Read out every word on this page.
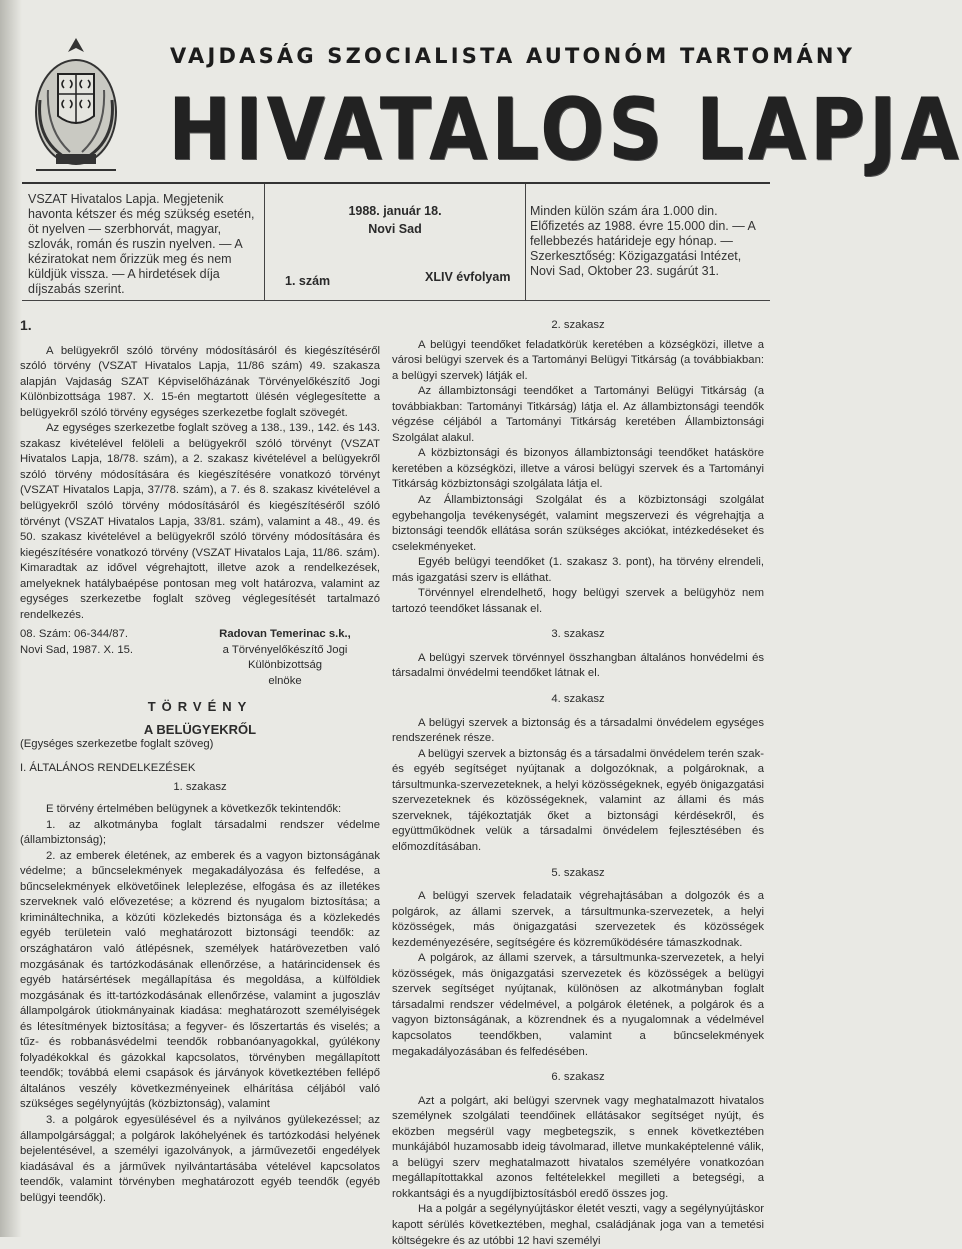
VAJDASÁG SZOCIALISTA AUTONÓM TARTOMÁNY
HIVATALOS LAPJA
VSZAT Hivatalos Lapja. Megjetenik havonta kétszer és még szükség esetén, öt nyelven — szerbhorvát, magyar, szlovák, román és ruszin nyelven. — A kéziratokat nem őrizzük meg és nem küldjük vissza. — A hirdetések díja díjszabás szerint.
1988. január 18.
Novi Sad
1. szám	XLIV évfolyam
Minden külön szám ára 1.000 din. Előfizetés az 1988. évre 15.000 din. — A fellebbezés határideje egy hónap. — Szerkesztőség: Közigazgatási Intézet, Novi Sad, Oktober 23. sugárút 31.

1.

A belügyekről szóló törvény módosításáról és kiegészítéséről szóló törvény (VSZAT Hivatalos Lapja, 11/86 szám) 49. szakasza alapján Vajdaság SZAT Képviselőházának Törvényelőkészítő Jogi Különbizottsága 1987. X. 15-én megtartott ülésén véglegesítette a belügyekről szóló törvény egységes szerkezetbe foglalt szövegét.

Az egységes szerkezetbe foglalt szöveg a 138., 139., 142. és 143. szakasz kivételével felöleli a belügyekről szóló törvényt (VSZAT Hivatalos Lapja, 18/78. szám), a 2. szakasz kivételével a belügyekről szóló törvény módosítására és kiegészítésére vonatkozó törvényt (VSZAT Hivatalos Lapja, 37/78. szám), a 7. és 8. szakasz kivételével a belügyekről szóló törvény módosításáról és kiegészítéséről szóló törvényt (VSZAT Hivatalos Lapja, 33/81. szám), valamint a 48., 49. és 50. szakasz kivételével a belügyekről szóló törvény módosítására és kiegészítésére vonatkozó törvény (VSZAT Hivatalos Laja, 11/86. szám). Kimaradtak az idővel végrehajtott, illetve azok a rendelkezések, amelyeknek hatálybaépése pontosan meg volt határozva, valamint az egységes szerkezetbe foglalt szöveg véglegesítését tartalmazó rendelkezés.

08. Szám: 06-344/87.
Novi Sad, 1987. X. 15.
Radovan Temerinac s.k.,
a Törvényelőkészítő Jogi
Különbizottság
elnöke
TÖRVÉNY
A BELÜGYEKRŐL

(Egységes szerkezetbe foglalt szöveg)

I. ÁLTALÁNOS RENDELKEZÉSEK

1. szakasz

E törvény értelmében belügynek a következők tekintendők:

1. az alkotmányba foglalt társadalmi rendszer védelme (állambiztonság);

2. az emberek életének, az emberek és a vagyon biztonságának védelme; a bűncselekmények megakadályozása és felfedése, a bűncselekmények elkövetőinek leleplezése, elfogása és az illetékes szerveknek való elővezetése; a közrend és nyugalom biztosítása; a krimináltechnika, a közúti közlekedés biztonsága és a közlekedés egyéb területein való meghatározott biztonsági teendők: az országhatáron való átlépésnek, személyek határövezetben való mozgásának és tartózkodásának ellenőrzése, a határincidensek és egyéb határsértések megállapítása és megoldása, a külföldiek mozgásának és itt-tartózkodásának ellenőrzése, valamint a jugoszláv állampolgárok útiokmányainak kiadása: meghatározott személyiségek és létesítmények biztosítása; a fegyver- és lőszertartás és viselés; a tűz- és robbanásvédelmi teendők robbanóanyagokkal, gyúlékony folyadékokkal és gázokkal kapcsolatos, törvényben megállapított teendők; továbbá elemi csapások és járványok következtében fellépő általános veszély következményeinek elhárítása céljából való szükséges segélynyújtás (közbiztonság), valamint

3. a polgárok egyesülésével és a nyilvános gyülekezéssel; az állampolgársággal; a polgárok lakóhelyének és tartózkodási helyének bejelentésével, a személyi igazolványok, a járművezetői engedélyek kiadásával és a járművek nyilvántartásába vételével kapcsolatos teendők, valamint törvényben meghatározott egyéb teendők (egyéb belügyi teendők).

2. szakasz

A belügyi teendőket feladatkörük keretében a községközi, illetve a városi belügyi szervek és a Tartományi Belügyi Titkárság (a továbbiakban: a belügyi szervek) látják el.

Az állambiztonsági teendőket a Tartományi Belügyi Titkárság (a továbbiakban: Tartományi Titkárság) látja el. Az állambiztonsági teendők végzése céljából a Tartományi Titkárság keretében Állambiztonsági Szolgálat alakul.

A közbiztonsági és bizonyos állambiztonsági teendőket hatásköre keretében a községközi, illetve a városi belügyi szervek és a Tartományi Titkárság közbiztonsági szolgálata látja el.

Az Állambiztonsági Szolgálat és a közbiztonsági szolgálat egybehangolja tevékenységét, valamint megszervezi és végrehajtja a biztonsági teendők ellátása során szükséges akciókat, intézkedéseket és cselekményeket.

Egyéb belügyi teendőket (1. szakasz 3. pont), ha törvény elrendeli, más igazgatási szerv is elláthat.

Törvénnyel elrendelhető, hogy belügyi szervek a belügyhöz nem tartozó teendőket lássanak el.

3. szakasz

A belügyi szervek törvénnyel összhangban általános honvédelmi és társadalmi önvédelmi teendőket látnak el.

4. szakasz

A belügyi szervek a biztonság és a társadalmi önvédelem egységes rendszerének része.

A belügyi szervek a biztonság és a társadalmi önvédelem terén szak- és egyéb segítséget nyújtanak a dolgozóknak, a polgároknak, a társultmunka-szervezeteknek, a helyi közösségeknek, egyéb önigazgatási szervezeteknek és közösségeknek, valamint az állami és más szerveknek, tájékoztatják őket a biztonsági kérdésekről, és együttműködnek velük a társadalmi önvédelem fejlesztésében és előmozdításában.

5. szakasz

A belügyi szervek feladataik végrehajtásában a dolgozók és a polgárok, az állami szervek, a társultmunka-szervezetek, a helyi közösségek, más önigazgatási szervezetek és közösségek kezdeményezésére, segítségére és közreműködésére támaszkodnak.

A polgárok, az állami szervek, a társultmunka-szervezetek, a helyi közösségek, más önigazgatási szervezetek és közösségek a belügyi szervek segítséget nyújtanak, különösen az alkotmányban foglalt társadalmi rendszer védelmével, a polgárok életének, a polgárok és a vagyon biztonságának, a közrendnek és a nyugalomnak a védelmével kapcsolatos teendőkben, valamint a bűncselekmények megakadályozásában és felfedésében.

6. szakasz

Azt a polgárt, aki belügyi szervnek vagy meghatalmazott hivatalos személynek szolgálati teendőinek ellátásakor segítséget nyújt, és eközben megsérül vagy megbetegszik, s ennek következtében munkájából huzamosabb ideig távolmarad, illetve munkaképtelenné válik, a belügyi szerv meghatalmazott hivatalos személyére vonatkozóan megállapítottakkal azonos feltételekkel megilleti a betegségi, a rokkantsági és a nyugdíjbiztosításból eredő összes jog.

Ha a polgár a segélynyújtáskor életét veszti, vagy a segélynyújtáskor kapott sérülés következtében, meghal, családjának joga van a temetési költségekre és az utóbbi 12 havi személyi
